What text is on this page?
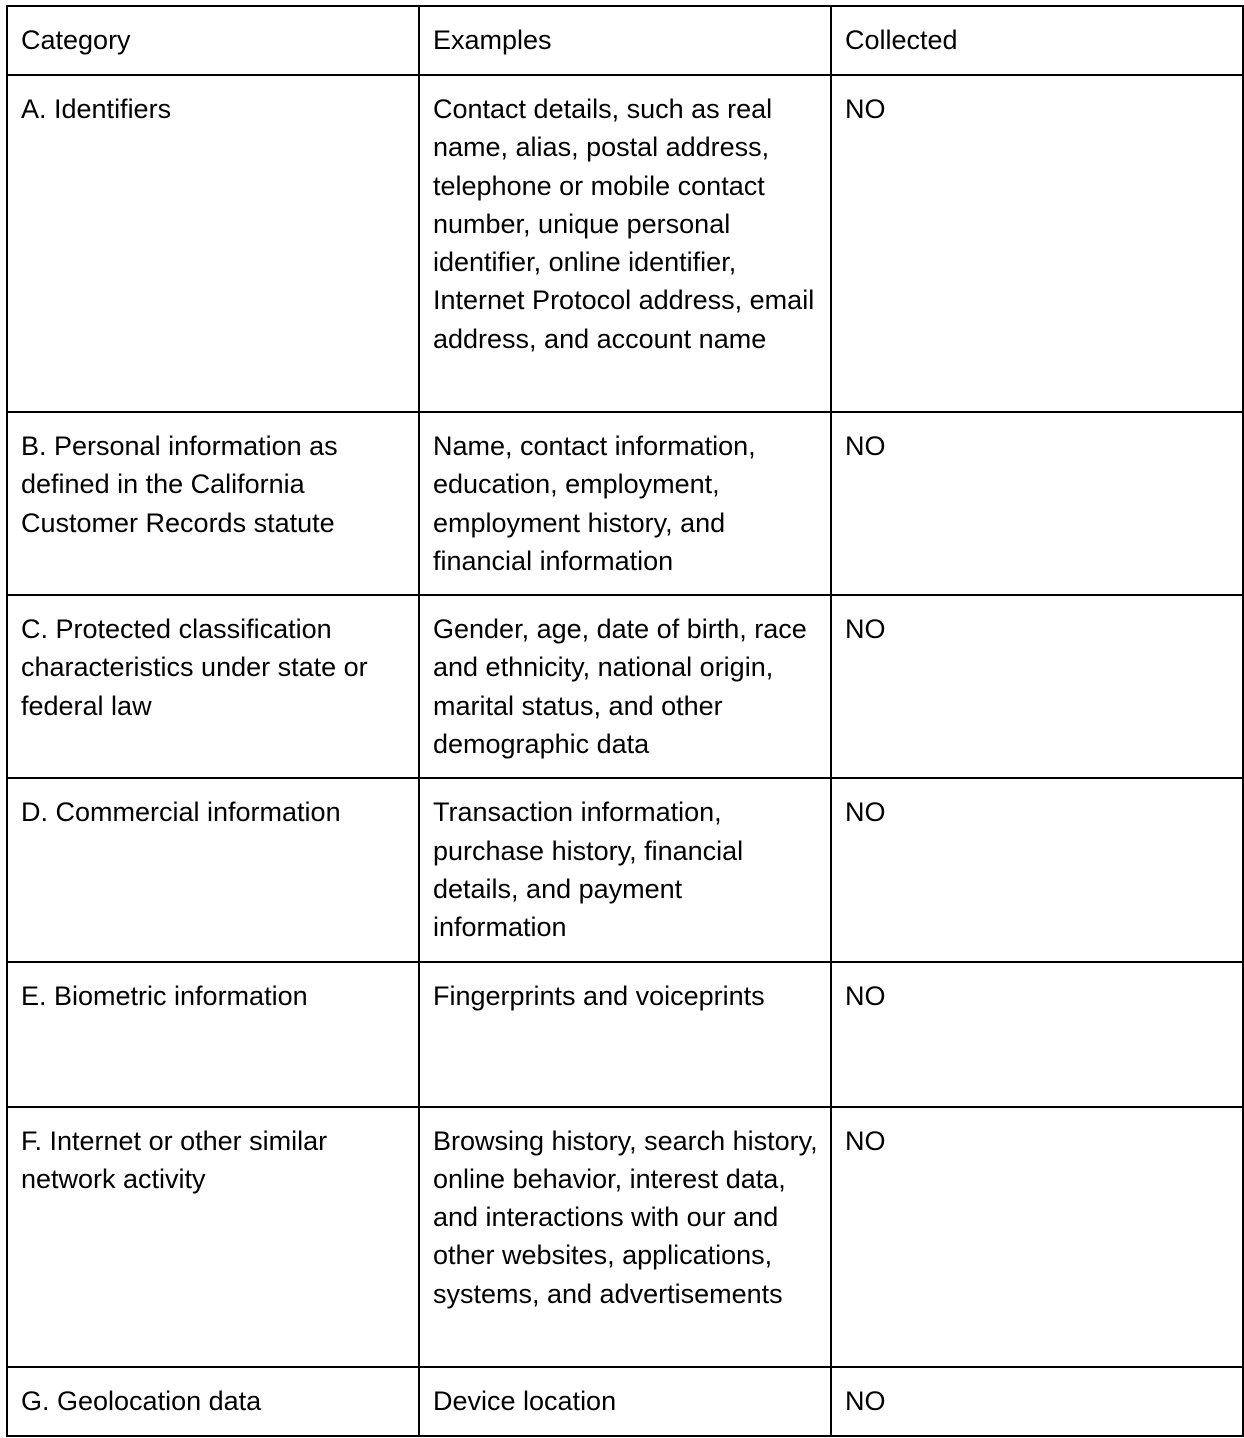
Category	Examples	Collected
A. Identifiers	Contact details, such as real name, alias, postal address, telephone or mobile contact number, unique personal identifier, online identifier, Internet Protocol address, email address, and account name	NO
B. Personal information as defined in the California Customer Records statute	Name, contact information, education, employment, employment history, and financial information	NO
C. Protected classification characteristics under state or federal law	Gender, age, date of birth, race and ethnicity, national origin, marital status, and other demographic data	NO
D. Commercial information	Transaction information, purchase history, financial details, and payment information	NO
E. Biometric information	Fingerprints and voiceprints	NO
F. Internet or other similar network activity	Browsing history, search history, online behavior, interest data, and interactions with our and other websites, applications, systems, and advertisements	NO
G. Geolocation data	Device location	NO
